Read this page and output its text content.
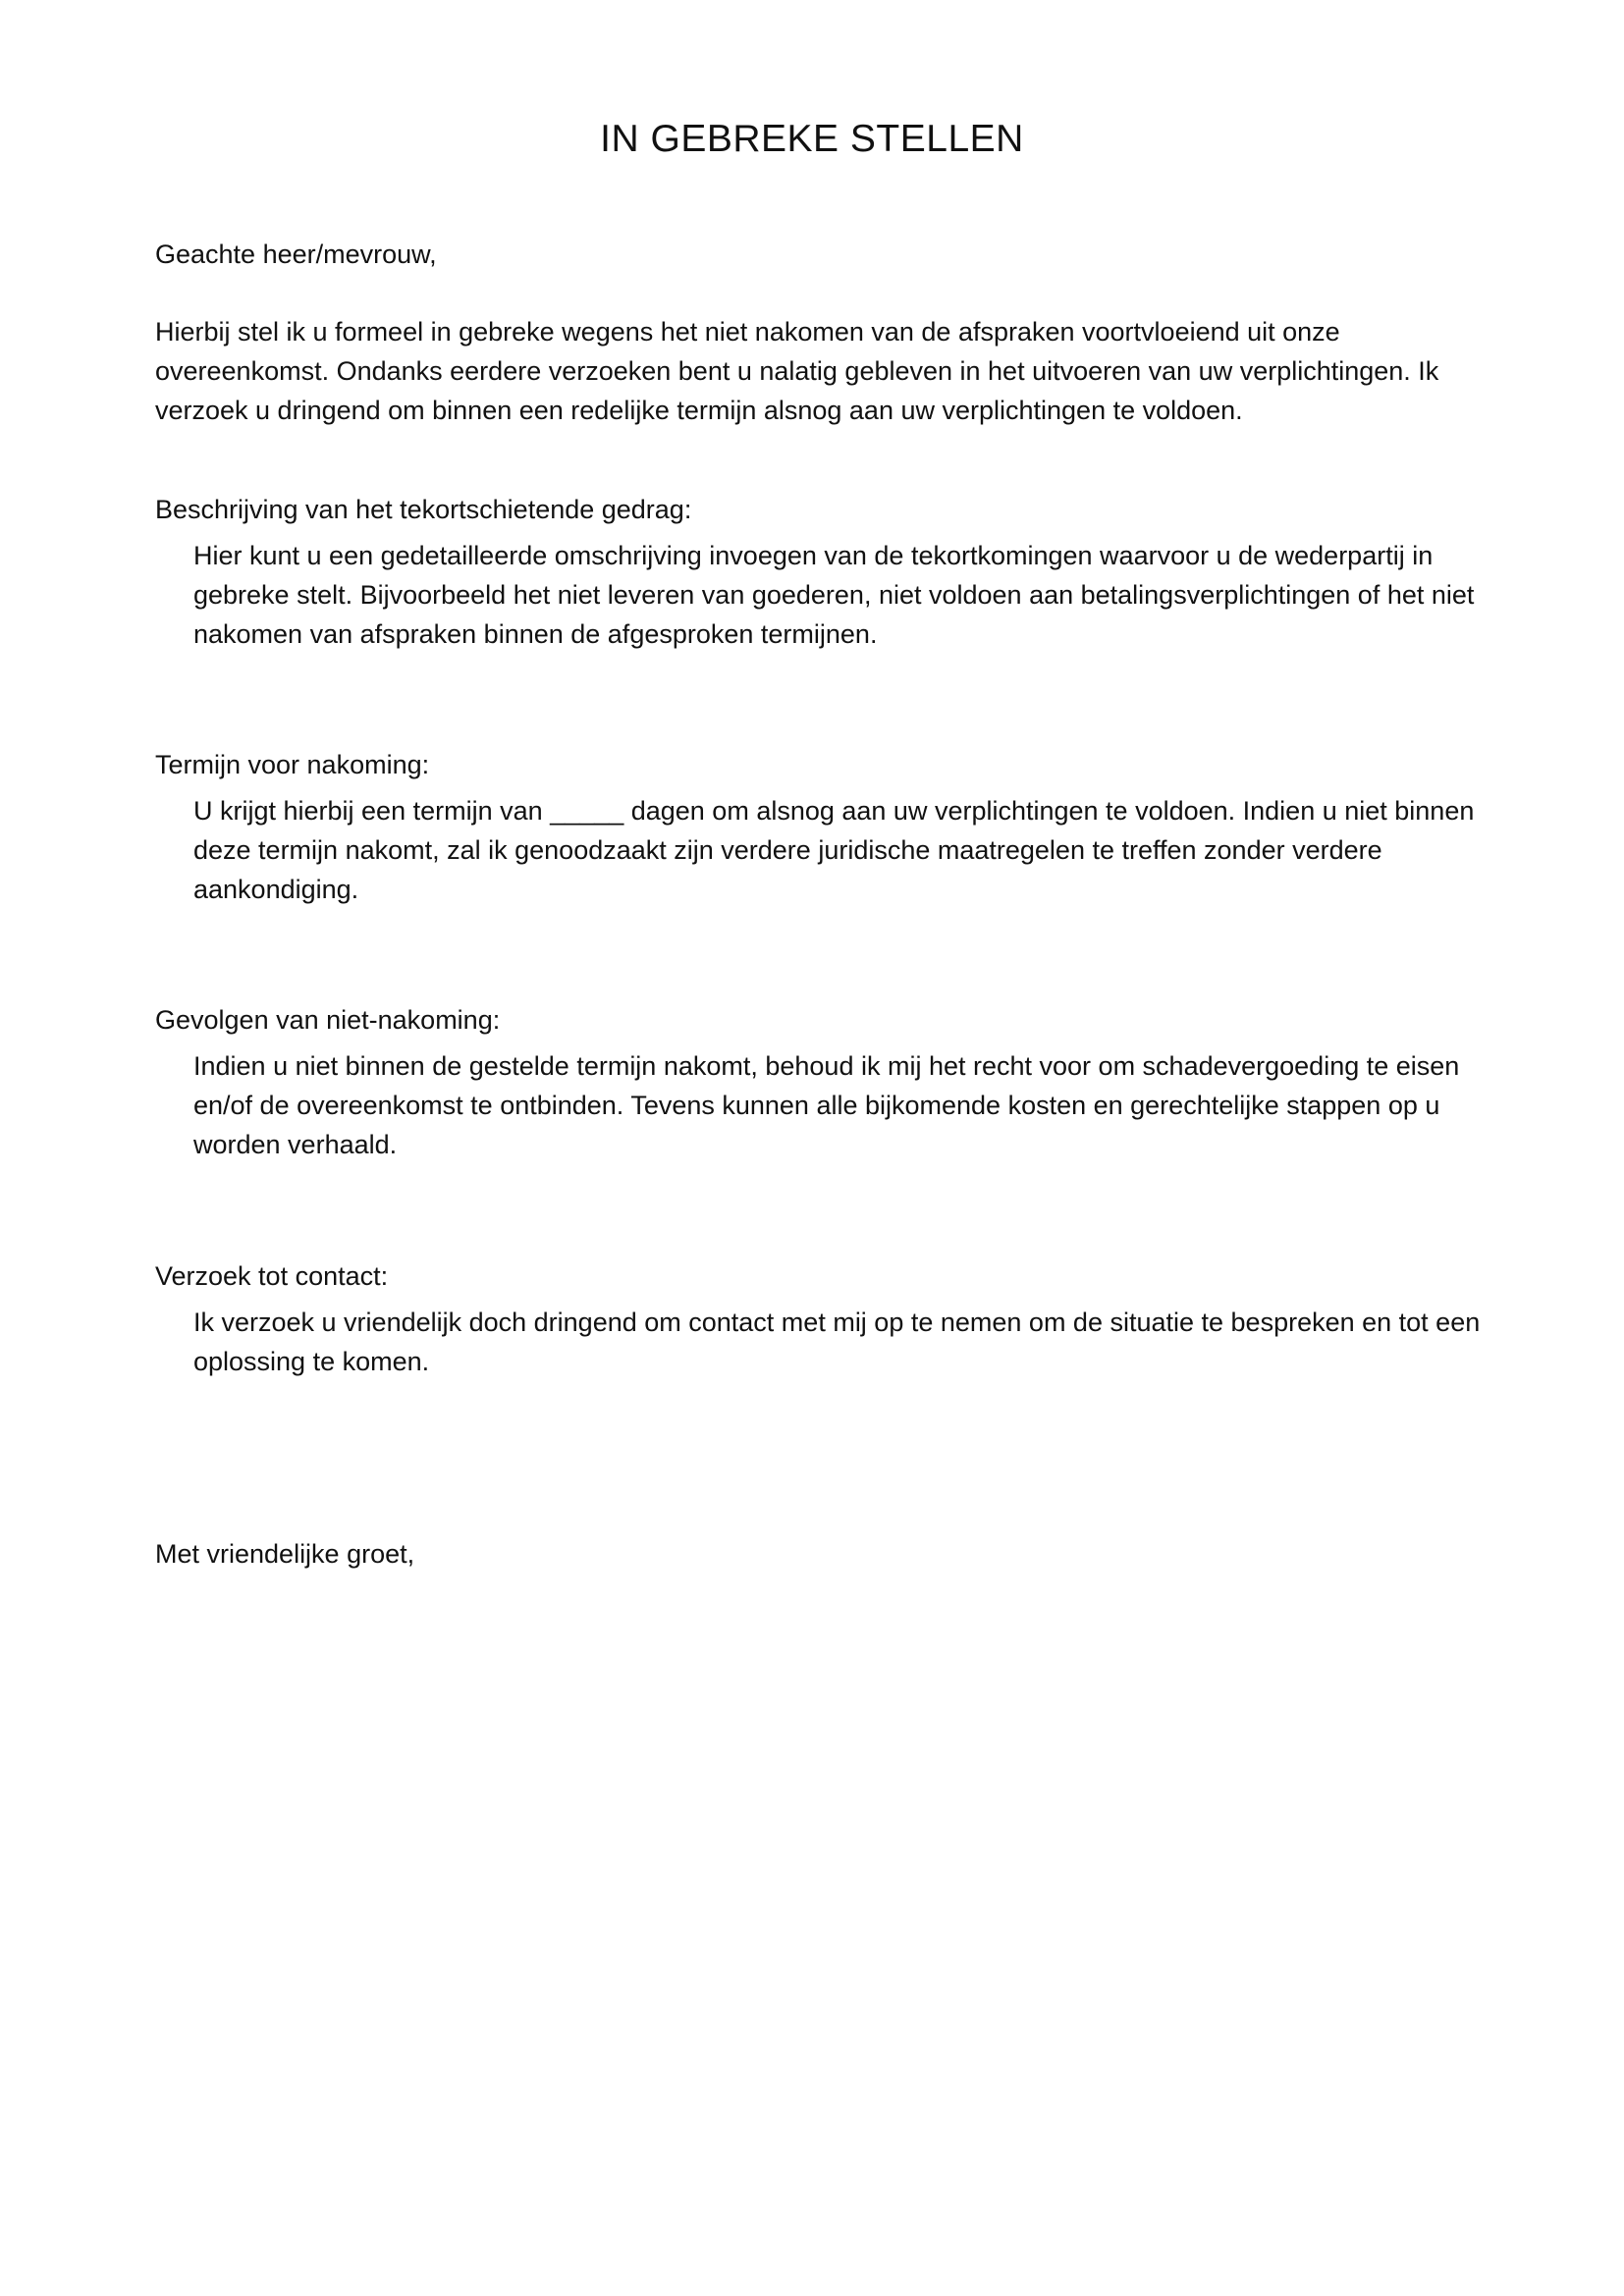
IN GEBREKE STELLEN

Geachte heer/mevrouw,

Hierbij stel ik u formeel in gebreke wegens het niet nakomen van de afspraken voortvloeiend uit onze overeenkomst. Ondanks eerdere verzoeken bent u nalatig gebleven in het uitvoeren van uw verplichtingen. Ik verzoek u dringend om binnen een redelijke termijn alsnog aan uw verplichtingen te voldoen.

Beschrijving van het tekortschietende gedrag:

Hier kunt u een gedetailleerde omschrijving invoegen van de tekortkomingen waarvoor u de wederpartij in gebreke stelt. Bijvoorbeeld het niet leveren van goederen, niet voldoen aan betalingsverplichtingen of het niet nakomen van afspraken binnen de afgesproken termijnen.

Termijn voor nakoming:

U krijgt hierbij een termijn van _____ dagen om alsnog aan uw verplichtingen te voldoen. Indien u niet binnen deze termijn nakomt, zal ik genoodzaakt zijn verdere juridische maatregelen te treffen zonder verdere aankondiging.

Gevolgen van niet-nakoming:

Indien u niet binnen de gestelde termijn nakomt, behoud ik mij het recht voor om schadevergoeding te eisen en/of de overeenkomst te ontbinden. Tevens kunnen alle bijkomende kosten en gerechtelijke stappen op u worden verhaald.

Verzoek tot contact:

Ik verzoek u vriendelijk doch dringend om contact met mij op te nemen om de situatie te bespreken en tot een oplossing te komen.

Met vriendelijke groet,
